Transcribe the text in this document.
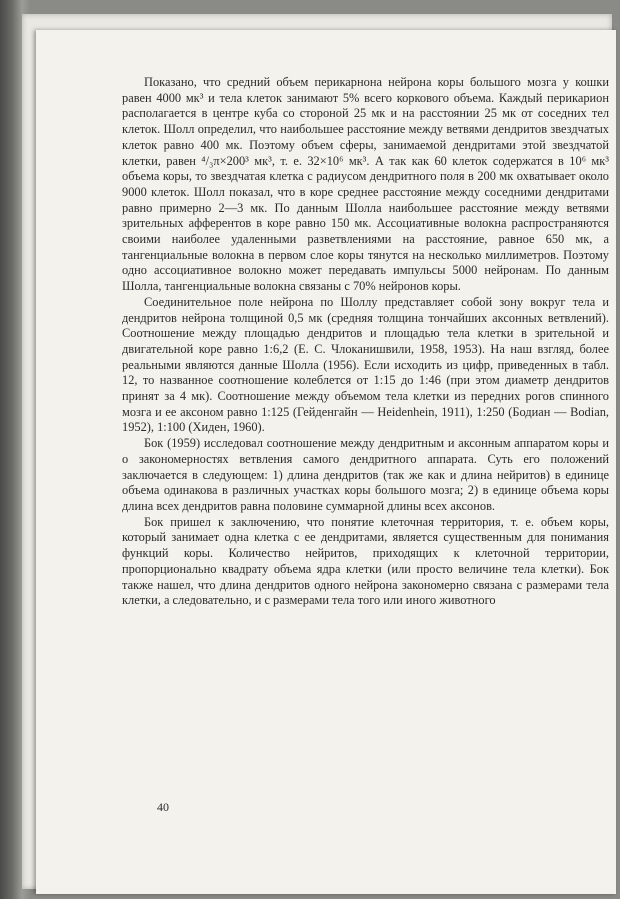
Показано, что средний объем перикарнона нейрона коры большого мозга у кошки равен 4000 мк³ и тела клеток занимают 5% всего коркового объема. Каждый перикарион располагается в центре куба со стороной 25 мк и на расстоянии 25 мк от соседних тел клеток. Шолл определил, что наибольшее расстояние между ветвями дендритов звездчатых клеток равно 400 мк. Поэтому объем сферы, занимаемой дендритами этой звездчатой клетки, равен ⁴/₃π×200³ мк³, т. е. 32×10⁶ мк³. А так как 60 клеток содержатся в 10⁶ мк³ объема коры, то звездчатая клетка с радиусом дендритного поля в 200 мк охватывает около 9000 клеток. Шолл показал, что в коре среднее расстояние между соседними дендритами равно примерно 2—3 мк. По данным Шолла наибольшее расстояние между ветвями зрительных афферентов в коре равно 150 мк. Ассоциативные волокна распространяются своими наиболее удаленными разветвлениями на расстояние, равное 650 мк, а тангенциальные волокна в первом слое коры тянутся на несколько миллиметров. Поэтому одно ассоциативное волокно может передавать импульсы 5000 нейронам. По данным Шолла, тангенциальные волокна связаны с 70% нейронов коры.

Соединительное поле нейрона по Шоллу представляет собой зону вокруг тела и дендритов нейрона толщиной 0,5 мк (средняя толщина тончайших аксонных ветвлений). Соотношение между площадью дендритов и площадью тела клетки в зрительной и двигательной коре равно 1:6,2 (Е. С. Члоканишвили, 1958, 1953). На наш взгляд, более реальными являются данные Шолла (1956). Если исходить из цифр, приведенных в табл. 12, то названное соотношение колеблется от 1:15 до 1:46 (при этом диаметр дендритов принят за 4 мк). Соотношение между объемом тела клетки из передних рогов спинного мозга и ее аксоном равно 1:125 (Гейденгайн — Heidenhein, 1911), 1:250 (Бодиан — Bodian, 1952), 1:100 (Хиден, 1960).

Бок (1959) исследовал соотношение между дендритным и аксонным аппаратом коры и о закономерностях ветвления самого дендритного аппарата. Суть его положений заключается в следующем: 1) длина дендритов (так же как и длина нейритов) в единице объема одинакова в различных участках коры большого мозга; 2) в единице объема коры длина всех дендритов равна половине суммарной длины всех аксонов.

Бок пришел к заключению, что понятие клеточная территория, т. е. объем коры, который занимает одна клетка с ее дендритами, является существенным для понимания функций коры. Количество нейритов, приходящих к клеточной территории, пропорционально квадрату объема ядра клетки (или просто величине тела клетки). Бок также нашел, что длина дендритов одного нейрона закономерно связана с размерами тела клетки, а следовательно, и с размерами тела того или иного животного

40
